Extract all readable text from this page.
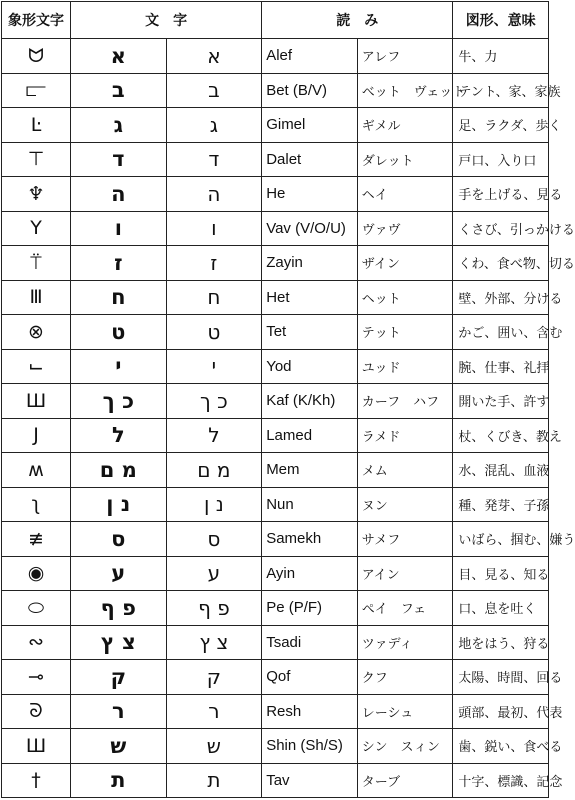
象形文字	文　字		読　み		図形、意味
ᗢ	א	א	Alef	アレフ	牛、力
⫍	ב	ב	Bet (B/V)	ベット　ヴェット	テント、家、家族
Ŀ	ג	ג	Gimel	ギメル	足、ラクダ、歩く
⊤	ד	ד	Dalet	ダレット	戸口、入り口
♆	ה	ה	He	ヘイ	手を上げる、見る
Y	ו	ו	Vav (V/O/U)	ヴァヴ	くさび、引っかける
⍡	ז	ז	Zayin	ザイン	くわ、食べ物、切る
Ⅲ	ח	ח	Het	ヘット	壁、外部、分ける
⊗	ט	ט	Tet	テット	かご、囲い、含む
⌙	י	י	Yod	ユッド	腕、仕事、礼拝
Ш	כ ך	כ ך	Kaf (K/Kh)	カーフ　ハフ	開いた手、許す
J	ל	ל	Lamed	ラメド	杖、くびき、教え
ʍ	מ ם	מ ם	Mem	メム	水、混乱、血液
ʅ	נ ן	נ ן	Nun	ヌン	種、発芽、子孫
≢	ס	ס	Samekh	サメフ	いばら、掴む、嫌う
◉	ע	ע	Ayin	アイン	目、見る、知る
⬭	פ ף	פ ף	Pe (P/F)	ペイ　フェ	口、息を吐く
∾	צ ץ	צ ץ	Tsadi	ツァディ	地をはう、狩る
⊸	ק	ק	Qof	クフ	太陽、時間、回る
ᘐ	ר	ר	Resh	レーシュ	頭部、最初、代表
Ш	ש	ש	Shin (Sh/S)	シン　スィン	歯、鋭い、食べる
†	ת	ת	Tav	ターブ	十字、標識、記念
